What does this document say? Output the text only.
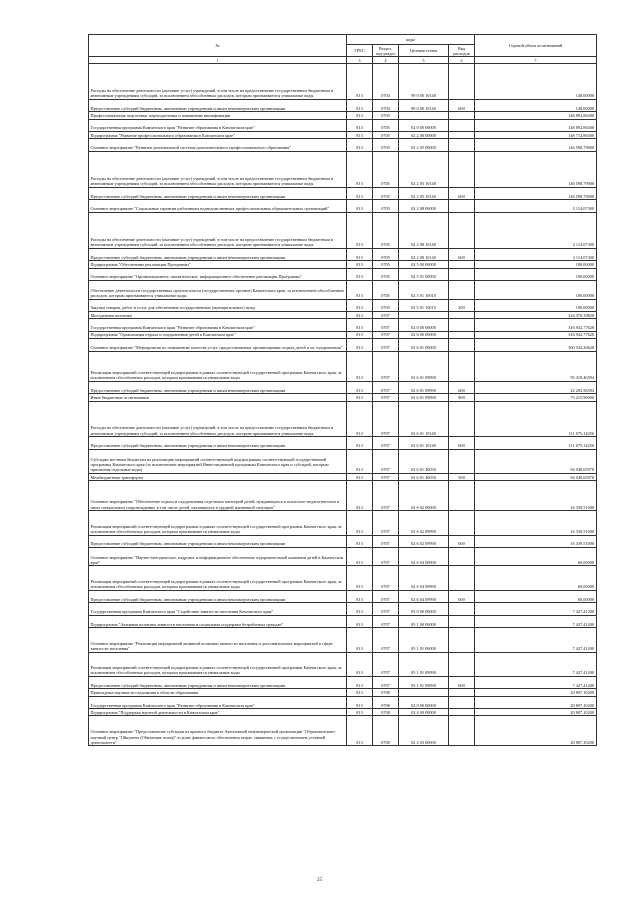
№	коды				Годовой объем ассигнований
	ГРБС	Раздел, под-раздел	Целевая статья	Вид расходов	
1	3	4	5	6	7
Расходы на обеспечение деятельности (оказание услуг) учреждений, в том числе на предоставление государственным бюджетным и автономным учреждениям субсидий, за исключением обособленных расходов, которым присваиваются уникальные коды	813	0704	99 0 00 10140		148,00000
Предоставление субсидий бюджетным, автономным учреждениям и иным некоммерческим организациям	813	0704	99 0 00 10140	600	148,00000
Профессиональная подготовка, переподготовка и повышение квалификации	813	0705			148 892,86300
Государственная программа Камчатского края "Развитие образования в Камчатском крае"	813	0705	02 0 00 00000		148 892,86300
Подпрограмма "Развитие профессионального образования в Камчатском крае"	813	0705	02 2 00 00000		148 712,86300
Основное мероприятие "Развитие региональной системы дополнительного профессионального образования"	813	0705	02 2 05 00000		146 598,79000
Расходы на обеспечение деятельности (оказание услуг) учреждений, в том числе на предоставление государственным бюджетным и автономным учреждениям субсидий, за исключением обособленных расходов, которым присваиваются уникальные коды	813	0705	02 2 05 10140		146 598,79000
Предоставление субсидий бюджетным, автономным учреждениям и иным некоммерческим организациям	813	0705	02 2 05 10140	600	146 598,79000
Основное мероприятие "Социальные гарантии работникам подведомственных профессиональных образовательных организаций"	813	0705	02 2 08 00000		2 114,07300
Расходы на обеспечение деятельности (оказание услуг) учреждений, в том числе на предоставление государственным бюджетным и автономным учреждениям субсидий, за исключением обособленных расходов, которым присваиваются уникальные коды	813	0705	02 2 08 10140		2 114,07300
Предоставление субсидий бюджетным, автономным учреждениям и иным некоммерческим организациям	813	0705	02 2 08 10140	600	2 114,07300
Подпрограмма "Обеспечение реализации Программы"	813	0705	02 5 00 00000		180,00000
Основное мероприятие "Организационное, аналитическое, информационное обеспечение реализации Программы"	813	0705	02 5 01 00000		180,00000
Обеспечение деятельности государственных органов власти (государственных органов) Камчатского края, за исключением обособленных расходов, которым присваиваются уникальные коды	813	0705	02 5 01 10010		180,00000
Закупка товаров, работ и услуг для обеспечения государственных (муниципальных) нужд	813	0705	02 5 01 10010	200	180,00000
Молодежная политика	813	0707			324 370,18828
Государственная программа Камчатского края "Развитие образования в Камчатском крае"	813	0707	02 0 00 00000		316 942,77628
Подпрограмма "Организация отдыха и оздоровления детей в Камчатском крае"	813	0707	02 6 00 00000		316 942,77628
Основное мероприятие "Мероприятия по повышению качества услуг, предоставляемых организациями отдыха детей и их оздоровления"	813	0707	02 6 01 00000		300 543,26628
Реализация мероприятий соответствующей подпрограммы в рамках соответствующей государственной программы Камчатского края, за исключением обособленных расходов, которым присваиваются уникальные коды	813	0707	02 6 01 09990		95 419,46594
Предоставление субсидий бюджетным, автономным учреждениям и иным некоммерческим организациям	813	0707	02 6 01 09990	600	22 203,56594
Иные бюджетные ассигнования	813	0707	02 6 01 09990	800	73 215,90000
Расходы на обеспечение деятельности (оказание услуг) учреждений, в том числе на предоставление государственным бюджетным и автономным учреждениям субсидий, за исключением обособленных расходов, которым присваиваются уникальные коды	813	0707	02 6 01 10140		111 075,14256
Предоставление субсидий бюджетным, автономным учреждениям и иным некоммерческим организациям	813	0707	02 6 01 10140	600	111 075,14256
Субсидии местным бюджетам на реализацию мероприятий соответствующей подпрограммы соответствующей государственной программы Камчатского края (за исключением мероприятий Инвестиционной программы Камчатского края и субсидий, которым присвоены отдельные коды)	813	0707	02 6 01 40050		94 048,65978
Межбюджетные трансферты	813	0707	02 6 01 40050	500	94 048,65978
Основное мероприятие "Обеспечение отдыха и оздоровления отдельных категорий детей, нуждающихся в психолого-педагогическом и ином специальном сопровождении, в том числе детей, оказавшихся в трудной жизненной ситуации"	813	0707	02 6 02 00000		16 339,51000
Реализация мероприятий соответствующей подпрограммы в рамках соответствующей государственной программы Камчатского края, за исключением обособленных расходов, которым присваиваются уникальные коды	813	0707	02 6 02 09990		16 339,51000
Предоставление субсидий бюджетным, автономным учреждениям и иным некоммерческим организациям	813	0707	02 6 02 09990	600	16 339,51000
Основное мероприятие "Научно-методическое, кадровое и информационное обеспечение оздоровительной кампании детей в Камчатском крае"	813	0707	02 6 04 00000		60,00000
Реализация мероприятий соответствующей подпрограммы в рамках соответствующей государственной программы Камчатского края, за исключением обособленных расходов, которым присваиваются уникальные коды	813	0707	02 6 04 09990		60,00000
Предоставление субсидий бюджетным, автономным учреждениям и иным некоммерческим организациям	813	0707	02 6 04 09990	600	60,00000
Государственная программа Камчатского края "Содействие занятости населения Камчатского края"	813	0707	05 0 00 00000		7 427,41200
Подпрограмма "Активная политика занятости населения и социальная поддержка безработных граждан"	813	0707	05 1 00 00000		7 427,41200
Основное мероприятие "Реализация мероприятий активной политики занятости населения и дополнительных мероприятий в сфере занятости населения"	813	0707	05 1 01 00000		7 427,41200
Реализация мероприятий соответствующей подпрограммы в рамках соответствующей государственной программы Камчатского края, за исключением обособленных расходов, которым присваиваются уникальные коды	813	0707	05 1 01 09990		7 427,41200
Предоставление субсидий бюджетным, автономным учреждениям и иным некоммерческим организациям	813	0707	05 1 01 09990	600	7 427,41200
Прикладные научные исследования в области образования	813	0708			20 807,10200
Государственная программа Камчатского края "Развитие образования в Камчатском крае"	813	0708	02 0 00 00000		20 807,10200
Подпрограмма "Поддержка научной деятельности в Камчатском крае"	813	0708	02 4 00 00000		20 807,10200
Основное мероприятие "Предоставление субсидии из краевого бюджета Автономной некоммерческой организации "Образовательно-научный центр "Ойкумена (Обитаемая земля)" в целях финансового обеспечения затрат, связанных с осуществлением уставной деятельности"	813	0708	02 4 03 00000		20 807,10200
25
